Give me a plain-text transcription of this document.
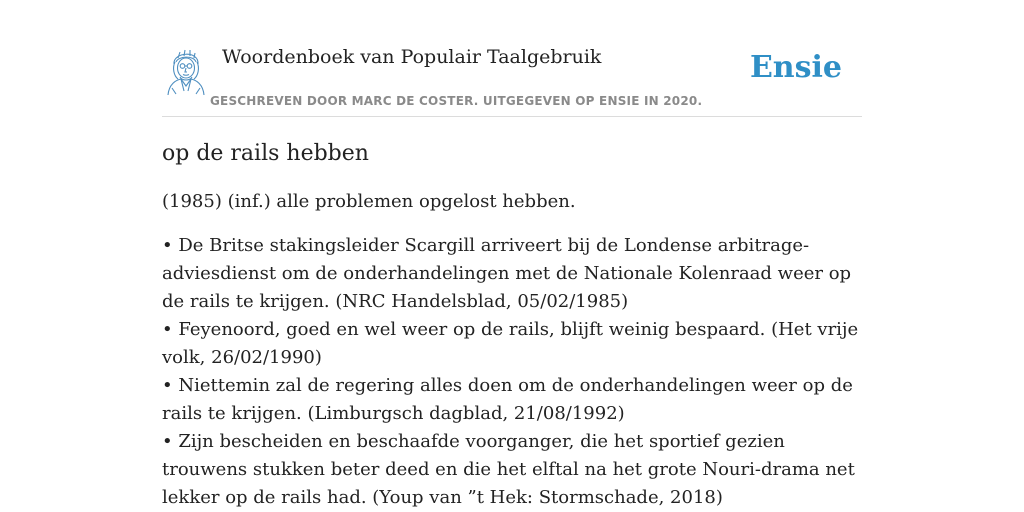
Woordenboek van Populair Taalgebruik
GESCHREVEN DOOR MARC DE COSTER. UITGEGEVEN OP ENSIE IN 2020.
Ensie
op de rails hebben

(1985) (inf.) alle problemen opgelost hebben.

• De Britse stakingsleider Scargill arriveert bij de Londense arbitrage-adviesdienst om de onderhandelingen met de Nationale Kolenraad weer op de rails te krijgen. (NRC Handelsblad, 05/02/1985)
• Feyenoord, goed en wel weer op de rails, blijft weinig bespaard. (Het vrije volk, 26/02/1990)
• Niettemin zal de regering alles doen om de onderhandelingen weer op de rails te krijgen. (Limburgsch dagblad, 21/08/1992)
• Zijn bescheiden en beschaafde voorganger, die het sportief gezien trouwens stukken beter deed en die het elftal na het grote Nouri-drama net lekker op de rails had. (Youp van ”t Hek: Stormschade, 2018)
